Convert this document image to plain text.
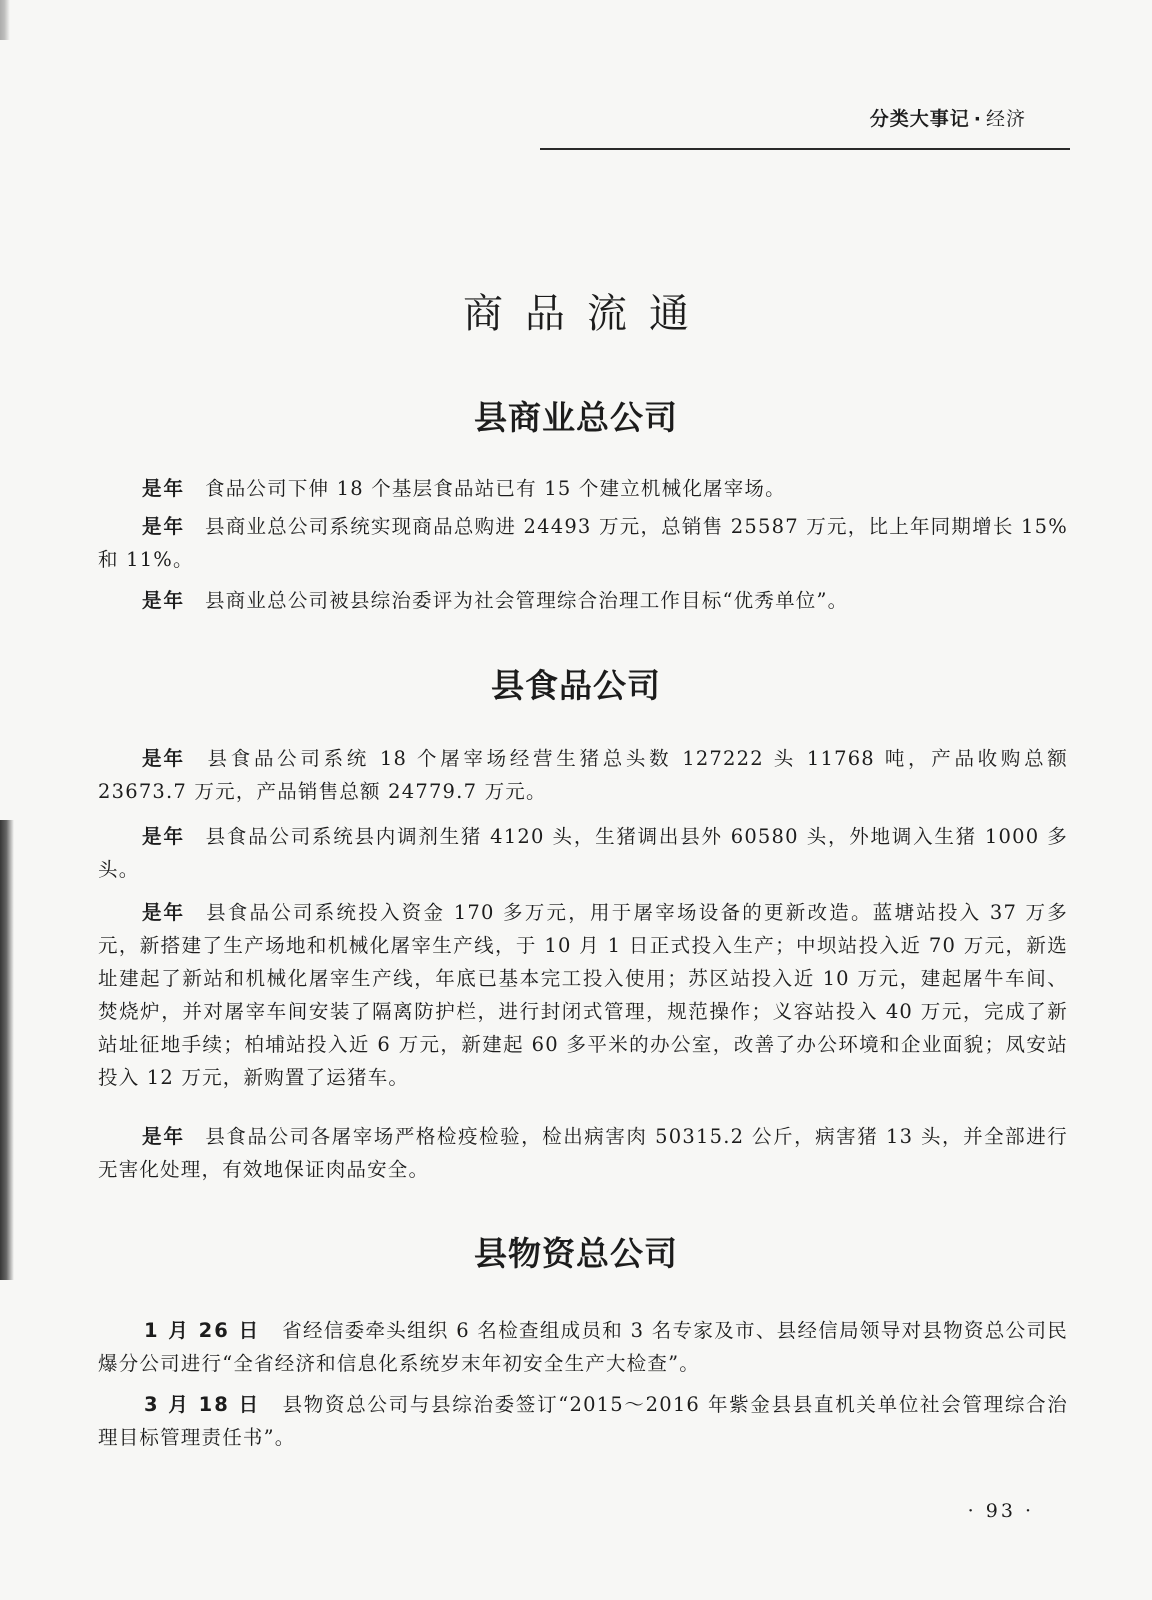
分类大事记 · 经济
商品流通
县商业总公司
是年 食品公司下伸 18 个基层食品站已有 15 个建立机械化屠宰场。
是年 县商业总公司系统实现商品总购进 24493 万元，总销售 25587 万元，比上年同期增长 15%和 11%。
是年 县商业总公司被县综治委评为社会管理综合治理工作目标“优秀单位”。
县食品公司
是年 县食品公司系统 18 个屠宰场经营生猪总头数 127222 头 11768 吨，产品收购总额 23673.7 万元，产品销售总额 24779.7 万元。
是年 县食品公司系统县内调剂生猪 4120 头，生猪调出县外 60580 头，外地调入生猪 1000 多头。
是年 县食品公司系统投入资金 170 多万元，用于屠宰场设备的更新改造。蓝塘站投入 37 万多元，新搭建了生产场地和机械化屠宰生产线，于 10 月 1 日正式投入生产；中坝站投入近 70 万元，新选址建起了新站和机械化屠宰生产线，年底已基本完工投入使用；苏区站投入近 10 万元，建起屠牛车间、焚烧炉，并对屠宰车间安装了隔离防护栏，进行封闭式管理，规范操作；义容站投入 40 万元，完成了新站址征地手续；柏埔站投入近 6 万元，新建起 60 多平米的办公室，改善了办公环境和企业面貌；凤安站投入 12 万元，新购置了运猪车。
是年 县食品公司各屠宰场严格检疫检验，检出病害肉 50315.2 公斤，病害猪 13 头，并全部进行无害化处理，有效地保证肉品安全。
县物资总公司
1 月 26 日 省经信委牵头组织 6 名检查组成员和 3 名专家及市、县经信局领导对县物资总公司民爆分公司进行“全省经济和信息化系统岁末年初安全生产大检查”。
3 月 18 日 县物资总公司与县综治委签订“2015～2016 年紫金县县直机关单位社会管理综合治理目标管理责任书”。
· 93 ·
